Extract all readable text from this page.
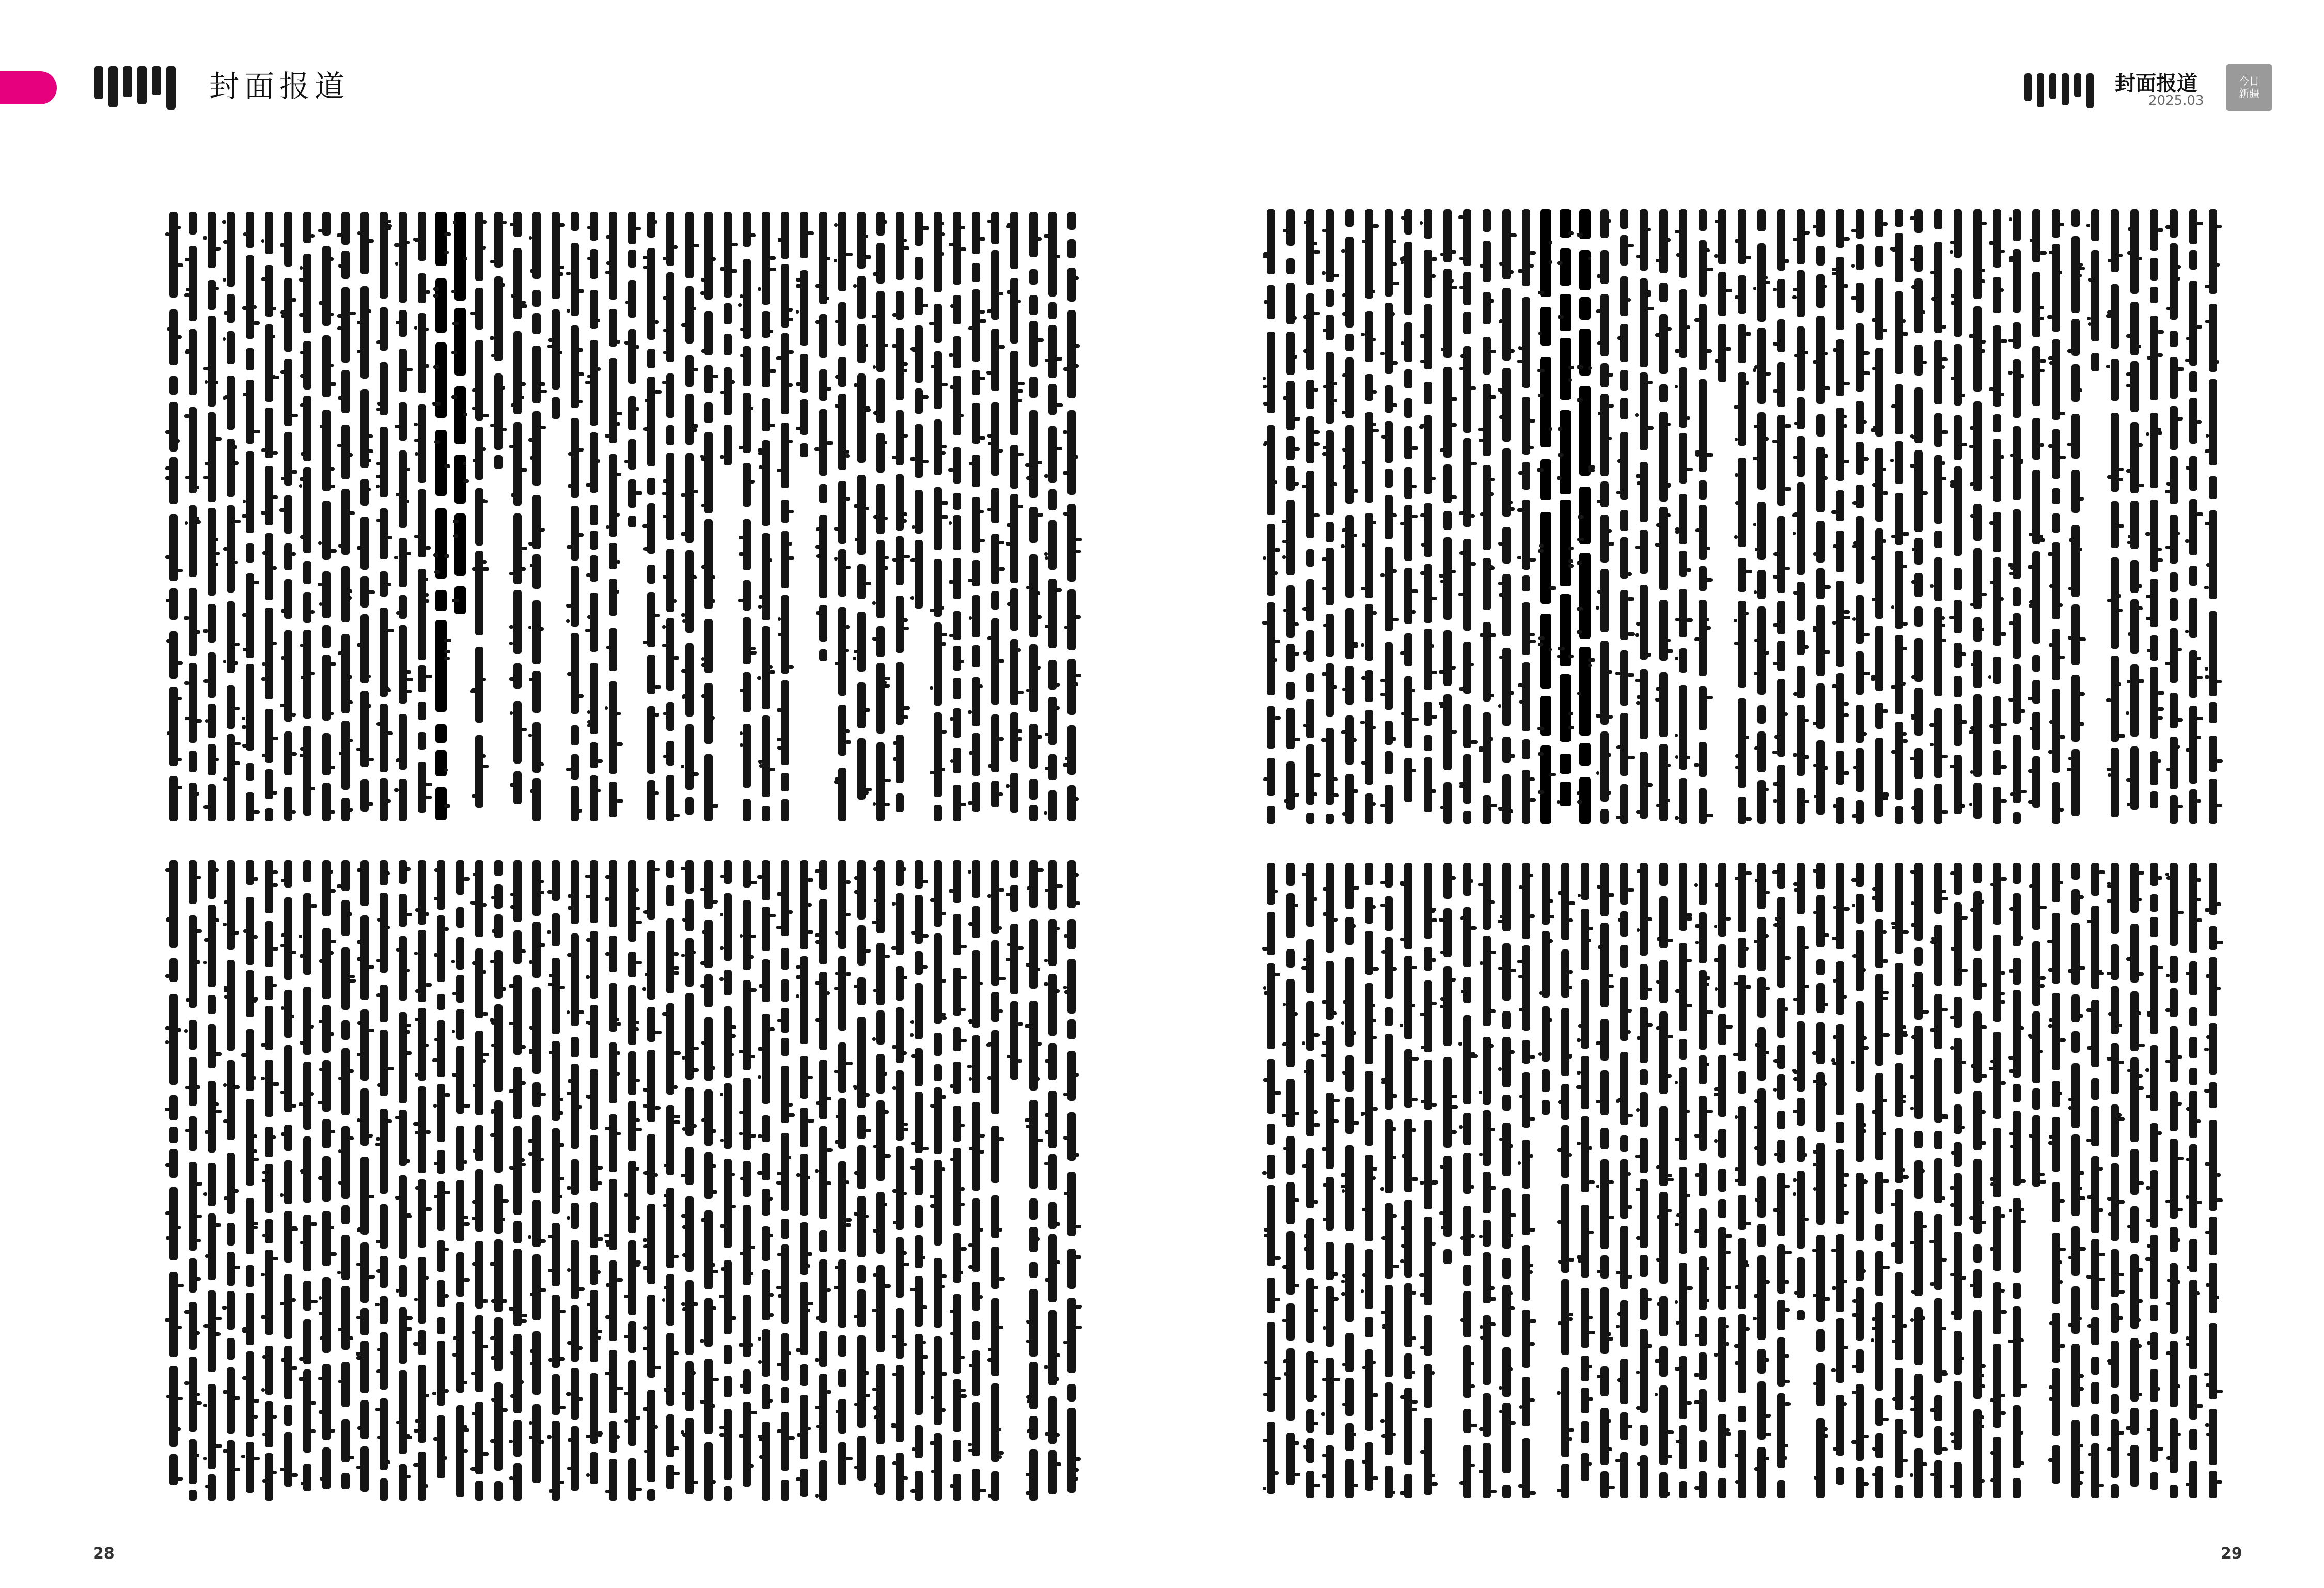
封面报道	封面报道
2025.03
今日
新疆
28	29
